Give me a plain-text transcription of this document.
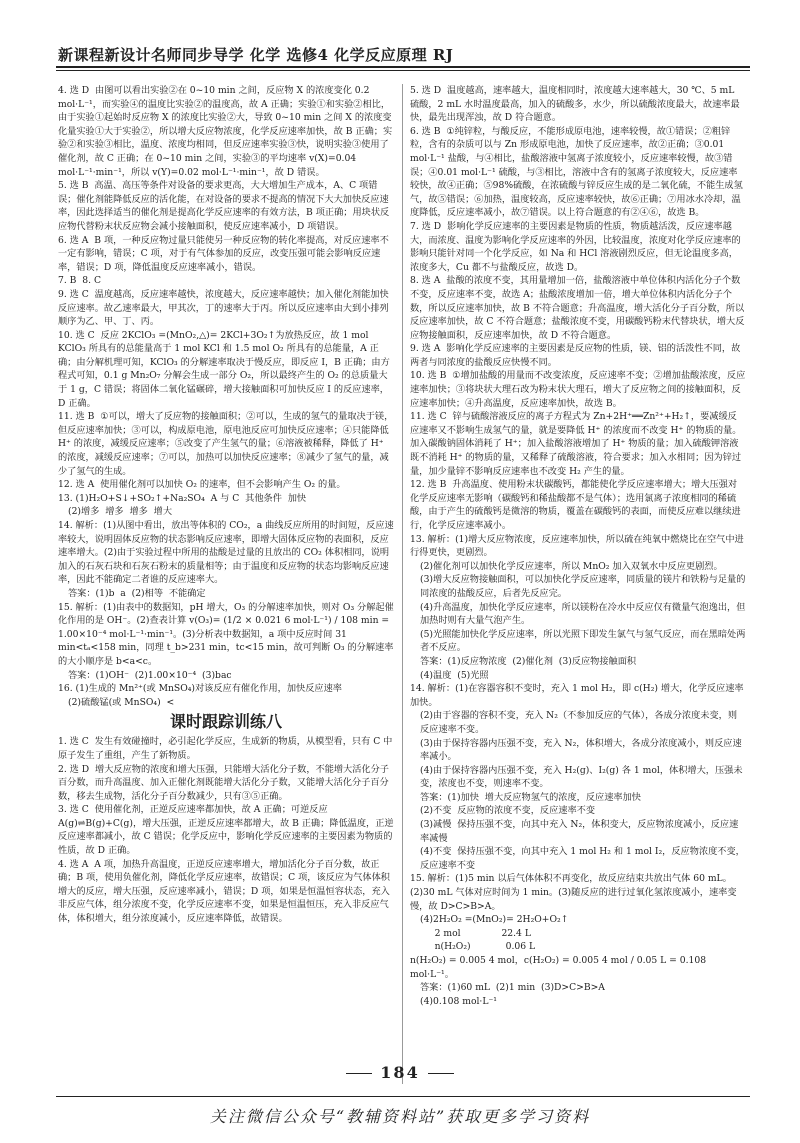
新课程新设计名师同步导学 化学 选修4 化学反应原理 RJ

4. 选 D  由图可以看出实验②在 0~10 min 之间，反应物 X 的浓度变化 0.2 mol·L⁻¹，而实验④的温度比实验②的温度高，故 A 正确；实验①和实验②相比，由于实验①起始时反应物 X 的浓度比实验②大，导致 0~10 min 之间 X 的浓度变化量实验①大于实验②，所以增大反应物浓度，化学反应速率加快，故 B 正确；实验②和实验③相比，温度、浓度均相同，但反应速率实验③快，说明实验③使用了催化剂，故 C 正确；在 0~10 min 之间，实验③的平均速率 v(X)=0.04 mol·L⁻¹·min⁻¹，所以 v(Y)=0.02 mol·L⁻¹·min⁻¹，故 D 错误。

5. 选 B  高温、高压等条件对设备的要求更高，大大增加生产成本，A、C 项错误；催化剂能降低反应的活化能，在对设备的要求不提高的情况下大大加快反应速率，因此选择适当的催化剂是提高化学反应速率的有效方法，B 项正确；用块状反应物代替粉末状反应物会减小接触面积，使反应速率减小，D 项错误。

6. 选 A  B 项，一种反应物过量只能使另一种反应物的转化率提高，对反应速率不一定有影响，错误；C 项，对于有气体参加的反应，改变压强可能会影响反应速率，错误；D 项，降低温度反应速率减小，错误。

7. B  8. C

9. 选 C  温度越高，反应速率越快，浓度越大，反应速率越快；加入催化剂能加快反应速率。故乙速率最大，甲其次，丁的速率大于丙。所以反应速率由大到小排列顺序为乙、甲、丁、丙。

10. 选 C  反应 2KClO₃ =(MnO₂,△)= 2KCl+3O₂↑为放热反应，故 1 mol KClO₃ 所具有的总能量高于 1 mol KCl 和 1.5 mol O₂ 所具有的总能量，A 正确；由分解机理可知，KClO₃ 的分解速率取决于慢反应，即反应 I，B 正确；由方程式可知，0.1 g Mn₂O₇ 分解会生成一部分 O₂，所以最终产生的 O₂ 的总质量大于 1 g，C 错误；将固体二氧化锰碾碎，增大接触面积可加快反应 I 的反应速率，D 正确。

11. 选 B  ①可以，增大了反应物的接触面积；②可以，生成的氢气的量取决于镁，但反应速率加快；③可以，构成原电池，原电池反应可加快反应速率；④只能降低 H⁺ 的浓度，减缓反应速率；⑤改变了产生氢气的量；⑥溶液被稀释，降低了 H⁺ 的浓度，减缓反应速率；⑦可以，加热可以加快反应速率；⑧减少了氢气的量，减少了氢气的生成。

12. 选 A  使用催化剂可以加快 O₂ 的速率，但不会影响产生 O₂ 的量。

13. (1)H₂O+S↓+SO₂↑+Na₂SO₄  A 与 C  其他条件  加快

(2)增多  增多  增多  增大

14. 解析：(1)从图中看出，放出等体积的 CO₂，a 曲线反应所用的时间短，反应速率较大，说明固体反应物的状态影响反应速率，即增大固体反应物的表面积，反应速率增大。(2)由于实验过程中所用的盐酸是过量的且放出的 CO₂ 体积相同，说明加入的石灰石块和石灰石粉末的质量相等；由于温度和反应物的状态均影响反应速率，因此不能确定二者谁的反应速率大。

答案：(1)b  a  (2)相等  不能确定

15. 解析：(1)由表中的数据知，pH 增大，O₃ 的分解速率加快，则对 O₃ 分解起催化作用的是 OH⁻。(2)查表计算 v(O₃)= (1/2 × 0.021 6 mol·L⁻¹) / 108 min = 1.00×10⁻⁴ mol·L⁻¹·min⁻¹。(3)分析表中数据知，a 项中反应时间 31 min<tₐ<158 min，同理 t_b>231 min，tc<15 min，故可判断 O₃ 的分解速率的大小顺序是 b<a<c。

答案：(1)OH⁻  (2)1.00×10⁻⁴  (3)bac

16. (1)生成的 Mn²⁺(或 MnSO₄)对该反应有催化作用，加快反应速率

(2)硫酸锰(或 MnSO₄)  <

课时跟踪训练八

1. 选 C  发生有效碰撞时，必引起化学反应，生成新的物质，从模型看，只有 C 中原子发生了重组，产生了新物质。

2. 选 D  增大反应物的浓度和增大压强，只能增大活化分子数，不能增大活化分子百分数，而升高温度、加入正催化剂既能增大活化分子数，又能增大活化分子百分数，移去生成物，活化分子百分数减少，只有③⑤正确。

3. 选 C  使用催化剂，正逆反应速率都加快，故 A 正确；可逆反应 A(g)⇌B(g)+C(g)，增大压强，正逆反应速率都增大，故 B 正确；降低温度，正逆反应速率都减小，故 C 错误；化学反应中，影响化学反应速率的主要因素为物质的性质，故 D 正确。

4. 选 A  A 项，加热升高温度，正逆反应速率增大，增加活化分子百分数，故正确；B 项，使用负催化剂，降低化学反应速率，故错误；C 项，该反应为气体体积增大的反应，增大压强，反应速率减小，错误；D 项，如果是恒温恒容状态，充入非反应气体，组分浓度不变，化学反应速率不变，如果是恒温恒压，充入非反应气体，体积增大，组分浓度减小，反应速率降低，故错误。

5. 选 D  温度越高，速率越大，温度相同时，浓度越大速率越大，30 ℃、5 mL 硫酸，2 mL 水时温度最高，加入的硫酸多，水少，所以硫酸浓度最大，故速率最快，最先出现浑浊，故 D 符合题意。

6. 选 B  ①纯锌粒，与酸反应，不能形成原电池，速率较慢，故①错误；②粗锌粒，含有的杂质可以与 Zn 形成原电池，加快了反应速率，故②正确；③0.01 mol·L⁻¹ 盐酸，与④相比，盐酸溶液中氢离子浓度较小，反应速率较慢，故③错误；④0.01 mol·L⁻¹ 硫酸，与③相比，溶液中含有的氢离子浓度较大，反应速率较快，故④正确；⑤98%硫酸，在浓硫酸与锌反应生成的是二氧化硫，不能生成氢气，故⑤错误；⑥加热，温度较高，反应速率较快，故⑥正确；⑦用冰水冷却，温度降低，反应速率减小，故⑦错误。以上符合题意的有②④⑥，故选 B。

7. 选 D  影响化学反应速率的主要因素是物质的性质，物质越活泼，反应速率越大，而浓度、温度为影响化学反应速率的外因，比较温度，浓度对化学反应速率的影响只能针对同一个化学反应，如 Na 和 HCl 溶液剧烈反应，但无论温度多高，浓度多大，Cu 都不与盐酸反应，故选 D。

8. 选 A  盐酸的浓度不变，其用量增加一倍，盐酸溶液中单位体积内活化分子个数不变，反应速率不变，故选 A；盐酸浓度增加一倍，增大单位体积内活化分子个数，所以反应速率加快，故 B 不符合题意；升高温度，增大活化分子百分数，所以反应速率加快，故 C 不符合题意；盐酸浓度不变，用碳酸钙粉末代替块状，增大反应物接触面积，反应速率加快，故 D 不符合题意。

9. 选 A  影响化学反应速率的主要因素是反应物的性质，镁、铝的活泼性不同，故两者与同浓度的盐酸反应快慢不同。

10. 选 B  ①增加盐酸的用量而不改变浓度，反应速率不变；②增加盐酸浓度，反应速率加快；③将块状大理石改为粉末状大理石，增大了反应物之间的接触面积，反应速率加快；④升高温度，反应速率加快，故选 B。

11. 选 C  锌与硫酸溶液反应的离子方程式为 Zn+2H⁺══Zn²⁺+H₂↑，要减缓反应速率又不影响生成氢气的量，就是要降低 H⁺ 的浓度而不改变 H⁺ 的物质的量。加入碳酸钠固体消耗了 H⁺；加入盐酸溶液增加了 H⁺ 物质的量；加入硫酸钾溶液既不消耗 H⁺ 的物质的量，又稀释了硫酸溶液，符合要求；加入水相同；因为锌过量，加少量锌不影响反应速率也不改变 H₂ 产生的量。

12. 选 B  升高温度、使用粉末状碳酸钙，都能使化学反应速率增大；增大压强对化学反应速率无影响（碳酸钙和稀盐酸都不是气体）；选用氯离子浓度相同的稀硫酸，由于产生的硫酸钙是微溶的物质，覆盖在碳酸钙的表面，而使反应难以继续进行，化学反应速率减小。

13. 解析：(1)增大反应物浓度，反应速率加快，所以硫在纯氧中燃烧比在空气中进行得更快，更剧烈。

(2)催化剂可以加快化学反应速率，所以 MnO₂ 加入双氧水中反应更剧烈。

(3)增大反应物接触面积，可以加快化学反应速率，同质量的镁片和铁粉与足量的同浓度的盐酸反应，后者先反应完。

(4)升高温度，加快化学反应速率，所以镁粉在冷水中反应仅有微量气泡逸出，但加热时则有大量气泡产生。

(5)光照能加快化学反应速率，所以光照下即发生氯气与氢气反应，而在黑暗处两者不反应。

答案：(1)反应物浓度  (2)催化剂  (3)反应物接触面积

(4)温度  (5)光照

14. 解析：(1)在容器容积不变时，充入 1 mol H₂，即 c(H₂) 增大，化学反应速率加快。

(2)由于容器的容积不变，充入 N₂（不参加反应的气体），各成分浓度未变，则反应速率不变。

(3)由于保持容器内压强不变，充入 N₂，体积增大，各成分浓度减小，则反应速率减小。

(4)由于保持容器内压强不变，充入 H₂(g)、I₂(g) 各 1 mol，体积增大，压强未变，浓度也不变，则速率不变。

答案：(1)加快  增大反应物氢气的浓度，反应速率加快

(2)不变  反应物的浓度不变，反应速率不变

(3)减慢  保持压强不变，向其中充入 N₂，体积变大，反应物浓度减小，反应速率减慢

(4)不变  保持压强不变，向其中充入 1 mol H₂ 和 1 mol I₂，反应物浓度不变，反应速率不变

15. 解析：(1)5 min 以后气体体积不再变化，故反应结束共放出气体 60 mL。(2)30 mL 气体对应时间为 1 min。(3)随反应的进行过氧化氢浓度减小，速率变慢，故 D>C>B>A。

(4)2H₂O₂ =(MnO₂)= 2H₂O+O₂↑

2 mol              22.4 L

n(H₂O₂)            0.06 L

n(H₂O₂) = 0.005 4 mol，c(H₂O₂) = 0.005 4 mol / 0.05 L = 0.108 mol·L⁻¹。

答案：(1)60 mL  (2)1 min  (3)D>C>B>A

(4)0.108 mol·L⁻¹

184
关注微信公众号“教辅资料站”获取更多学习资料
